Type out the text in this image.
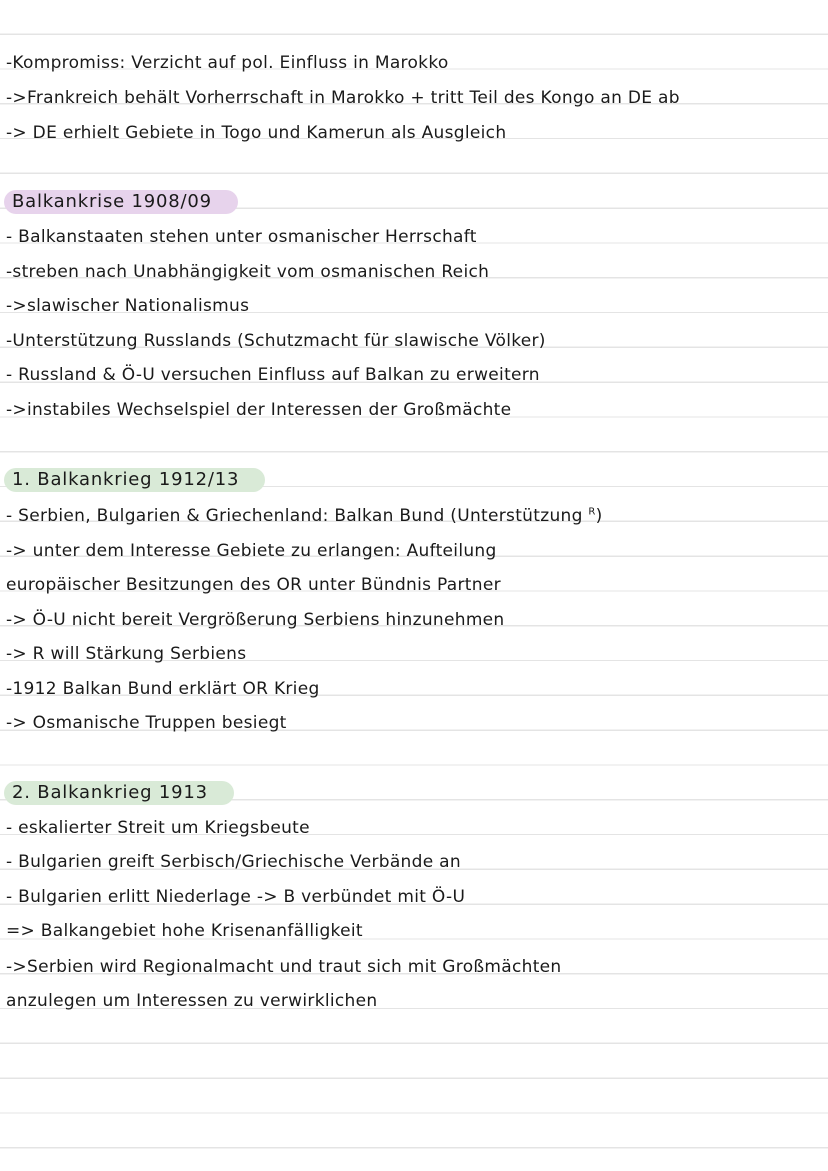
-Kompromiss: Verzicht auf pol. Einfluss in Marokko
->Frankreich behält Vorherrschaft in Marokko + tritt Teil des Kongo an DE ab
-> DE erhielt Gebiete in Togo und Kamerun als Ausgleich
Balkankrise 1908/09
- Balkanstaaten stehen unter osmanischer Herrschaft
-streben nach Unabhängigkeit vom osmanischen Reich
->slawischer Nationalismus
-Unterstützung Russlands (Schutzmacht für slawische Völker)
- Russland & Ö-U versuchen Einfluss auf Balkan zu erweitern
->instabiles Wechselspiel der Interessen der Großmächte
1. Balkankrieg 1912/13
- Serbien, Bulgarien & Griechenland: Balkan Bund (Unterstützung $^R$)
-> unter dem Interesse Gebiete zu erlangen: Aufteilung
europäischer Besitzungen des OR unter Bündnis Partner
-> Ö-U nicht bereit Vergrößerung Serbiens hinzunehmen
-> R will Stärkung Serbiens
-1912 Balkan Bund erklärt OR Krieg
-> Osmanische Truppen besiegt
2. Balkankrieg 1913
- eskalierter Streit um Kriegsbeute
- Bulgarien greift Serbisch/Griechische Verbände an
- Bulgarien erlitt Niederlage -> B verbündet mit Ö-U
=> Balkangebiet hohe Krisenanfälligkeit
->Serbien wird Regionalmacht und traut sich mit Großmächten
anzulegen um Interessen zu verwirklichen
